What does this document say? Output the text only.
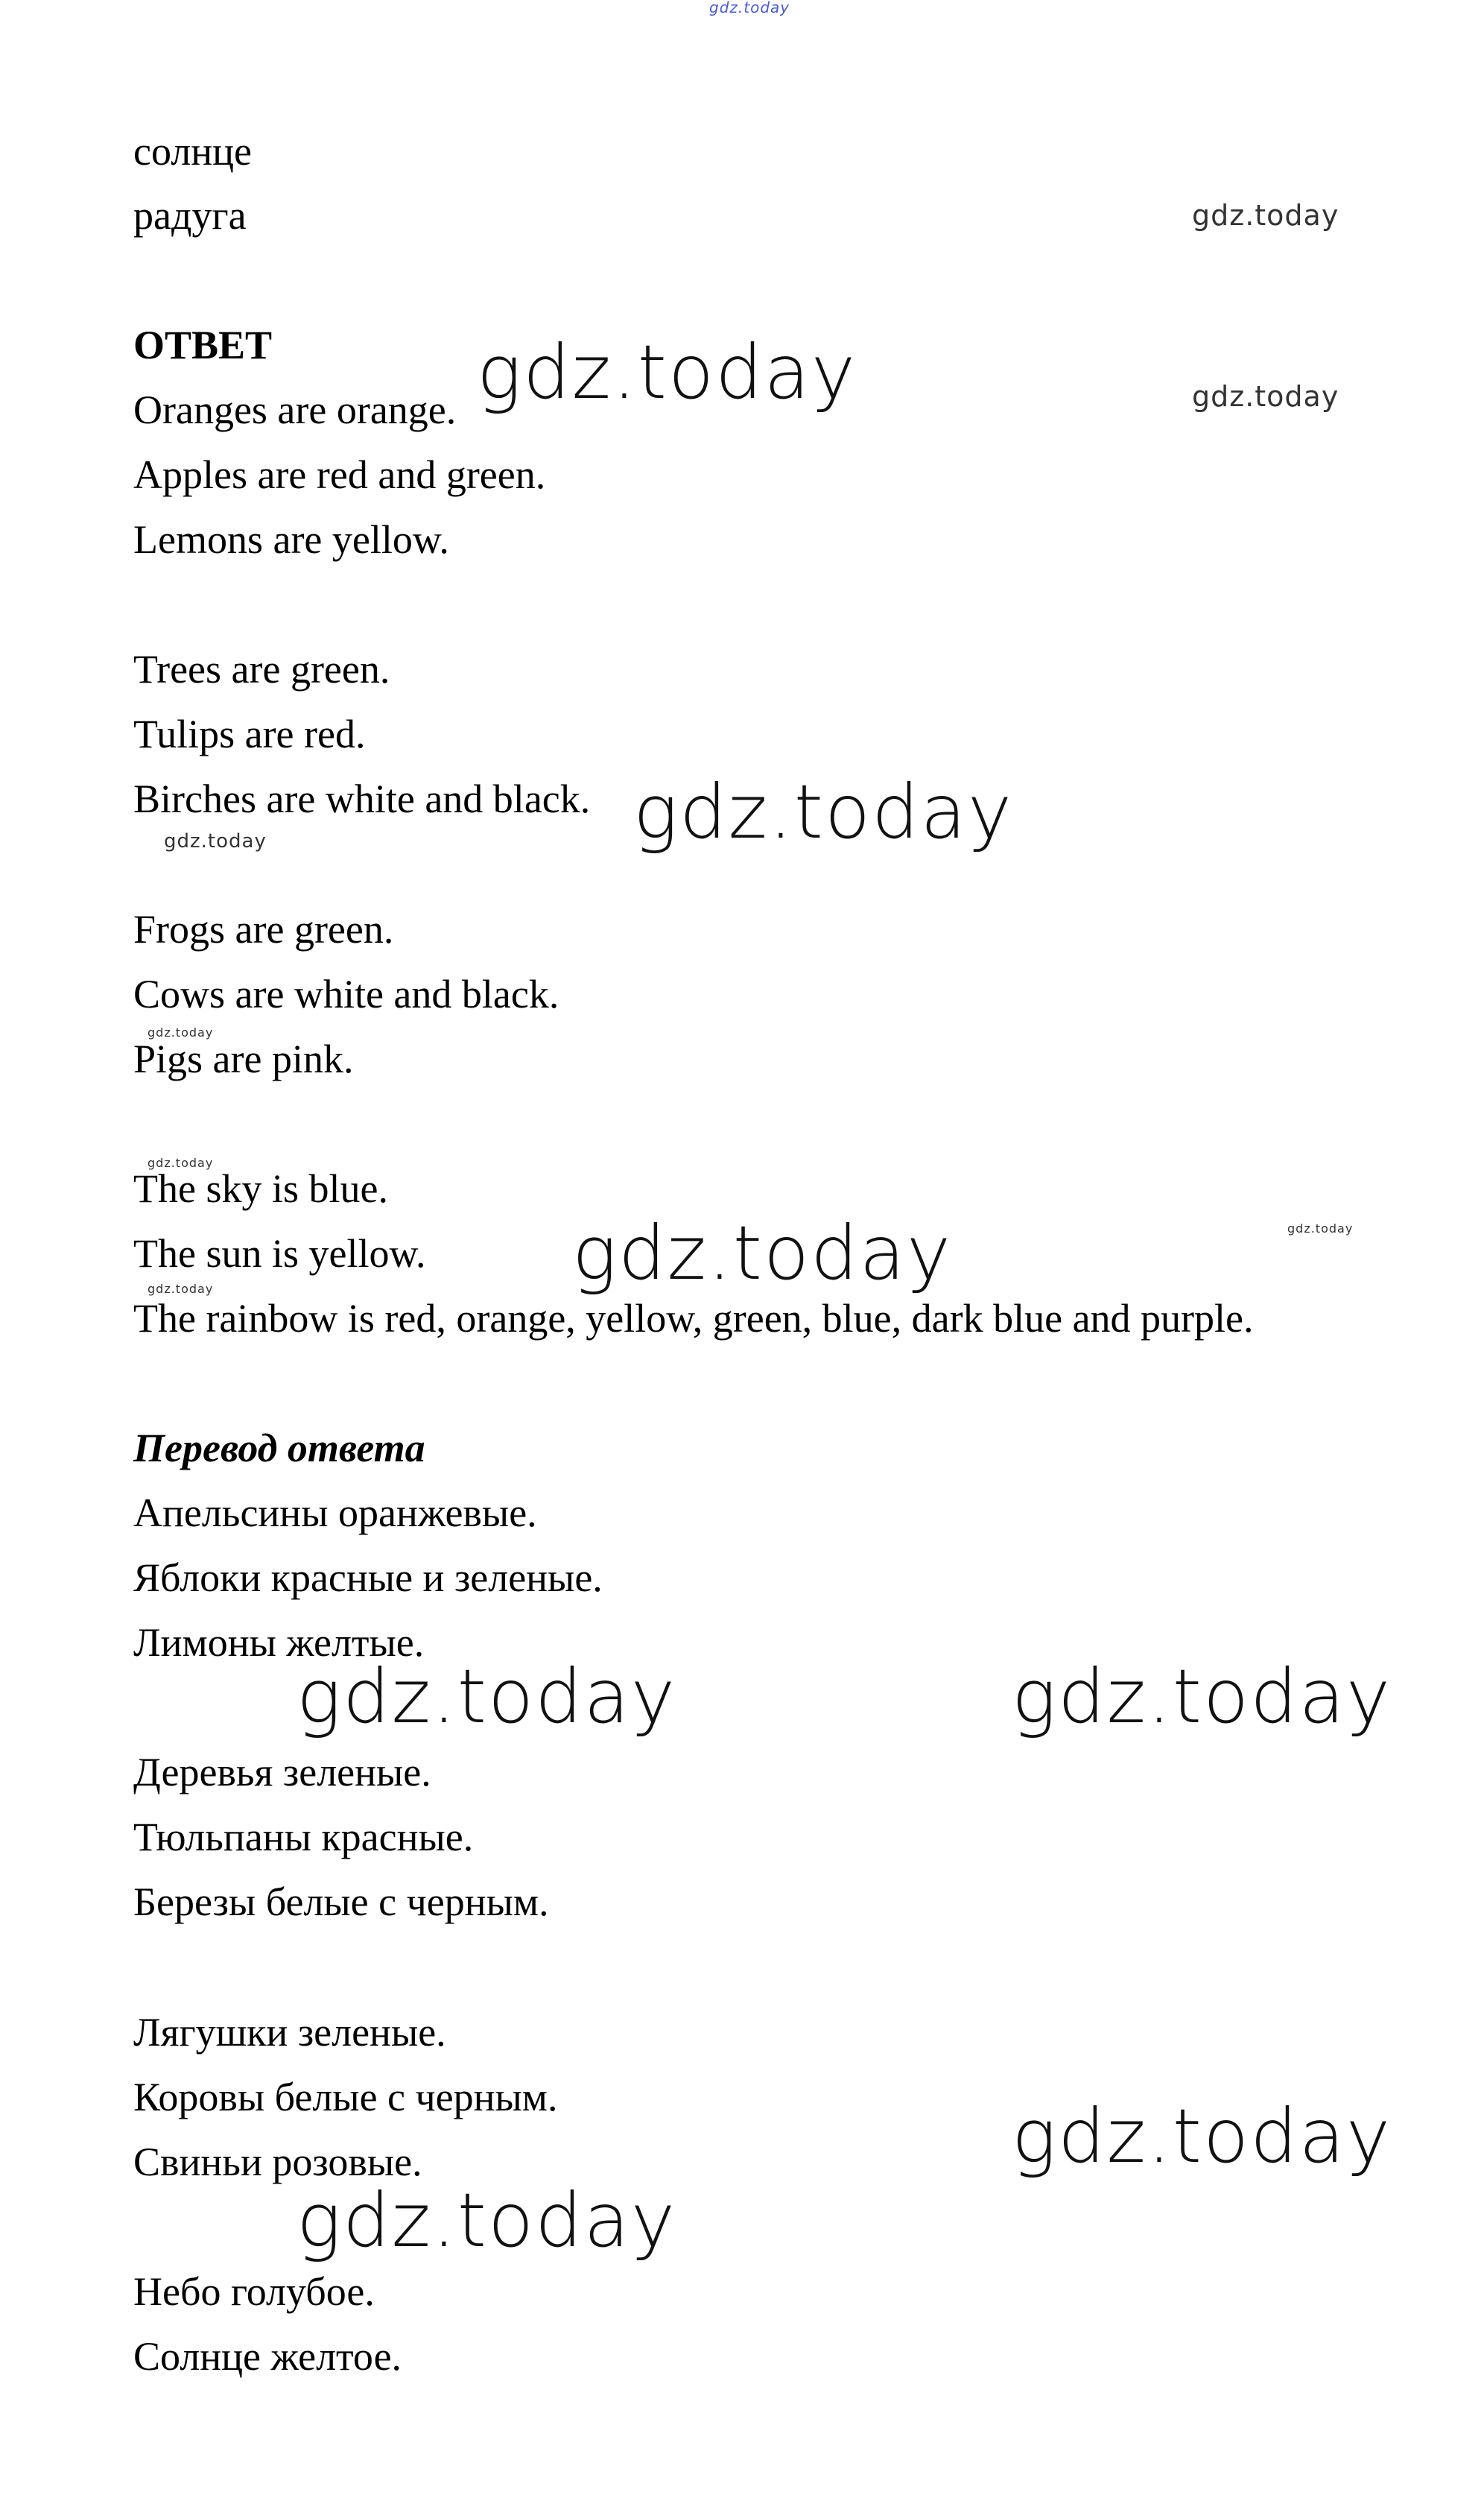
gdz.today
солнце
радуга
ОТВЕТ
Oranges are orange.
Apples are red and green.
Lemons are yellow.
Trees are green.
Tulips are red.
Birches are white and black.
Frogs are green.
Cows are white and black.
Pigs are pink.
The sky is blue.
The sun is yellow.
The rainbow is red, orange, yellow, green, blue, dark blue and purple.
Перевод ответа
Апельсины оранжевые.
Яблоки красные и зеленые.
Лимоны желтые.
Деревья зеленые.
Тюльпаны красные.
Березы белые с черным.
Лягушки зеленые.
Коровы белые с черным.
Свиньи розовые.
Небо голубое.
Солнце желтое.
gdz.today
gdz.today
gdz.today
gdz.today
gdz.today
gdz.today
gdz.today
gdz.today	gdz.today
gdz.today
gdz.today	gdz.today
gdz.today
gdz.today
